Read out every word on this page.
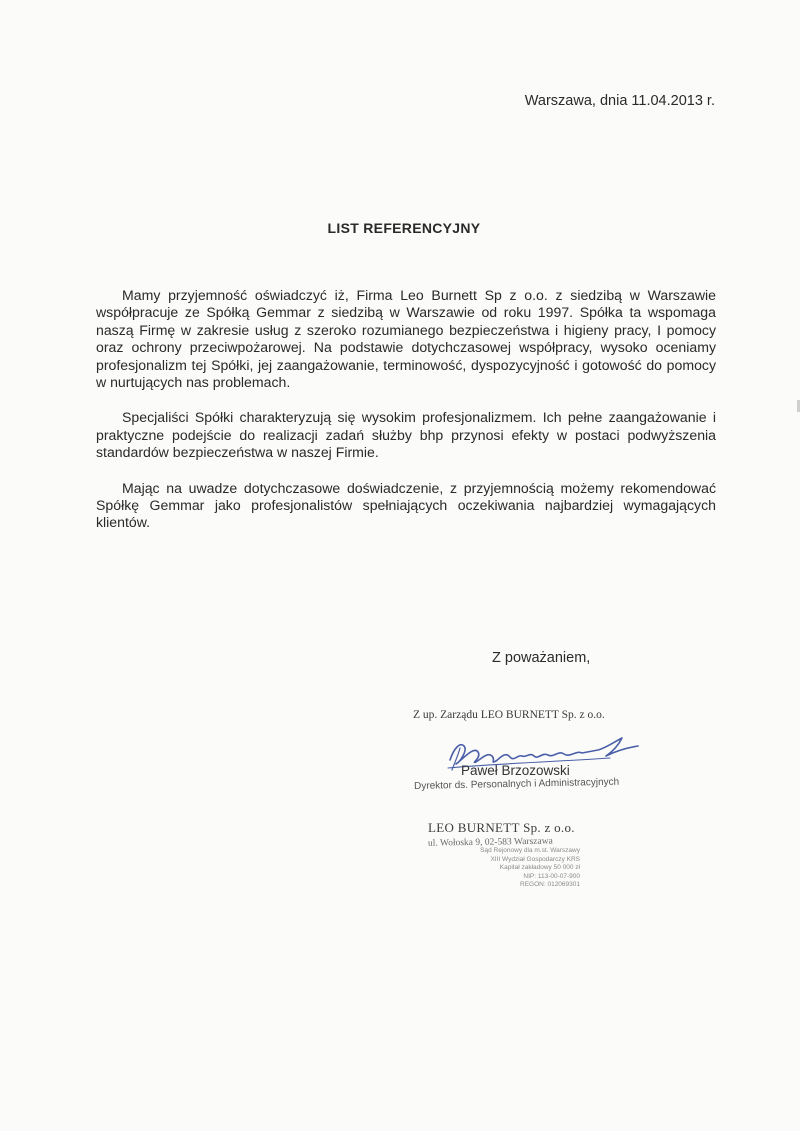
Warszawa, dnia 11.04.2013 r.
LIST REFERENCYJNY

Mamy przyjemność oświadczyć iż, Firma Leo Burnett Sp z o.o. z siedzibą w Warszawie współpracuje ze Spółką Gemmar z siedzibą w Warszawie od roku 1997. Spółka ta wspomaga naszą Firmę w zakresie usług z szeroko rozumianego bezpieczeństwa i higieny pracy, I pomocy oraz ochrony przeciwpożarowej. Na podstawie dotychczasowej współpracy, wysoko oceniamy profesjonalizm tej Spółki, jej zaangażowanie, terminowość, dyspozycyjność i gotowość do pomocy w nurtujących nas problemach.

Specjaliści Spółki charakteryzują się wysokim profesjonalizmem. Ich pełne zaangażowanie i praktyczne podejście do realizacji zadań służby bhp przynosi efekty w postaci podwyższenia standardów bezpieczeństwa w naszej Firmie.

Mając na uwadze dotychczasowe doświadczenie, z przyjemnością możemy rekomendować Spółkę Gemmar jako profesjonalistów spełniających oczekiwania najbardziej wymagających klientów.

Z poważaniem,
Z up. Zarządu LEO BURNETT Sp. z o.o.
Paweł Brzozowski
Dyrektor ds. Personalnych i Administracyjnych
LEO BURNETT Sp. z o.o.
ul. Wołoska 9, 02-583 Warszawa
Sąd Rejonowy dla m.st. Warszawy
XIII Wydział Gospodarczy KRS
Kapitał zakładowy 50 000 zł
NIP: 113-00-07-900
REGON: 012069301
